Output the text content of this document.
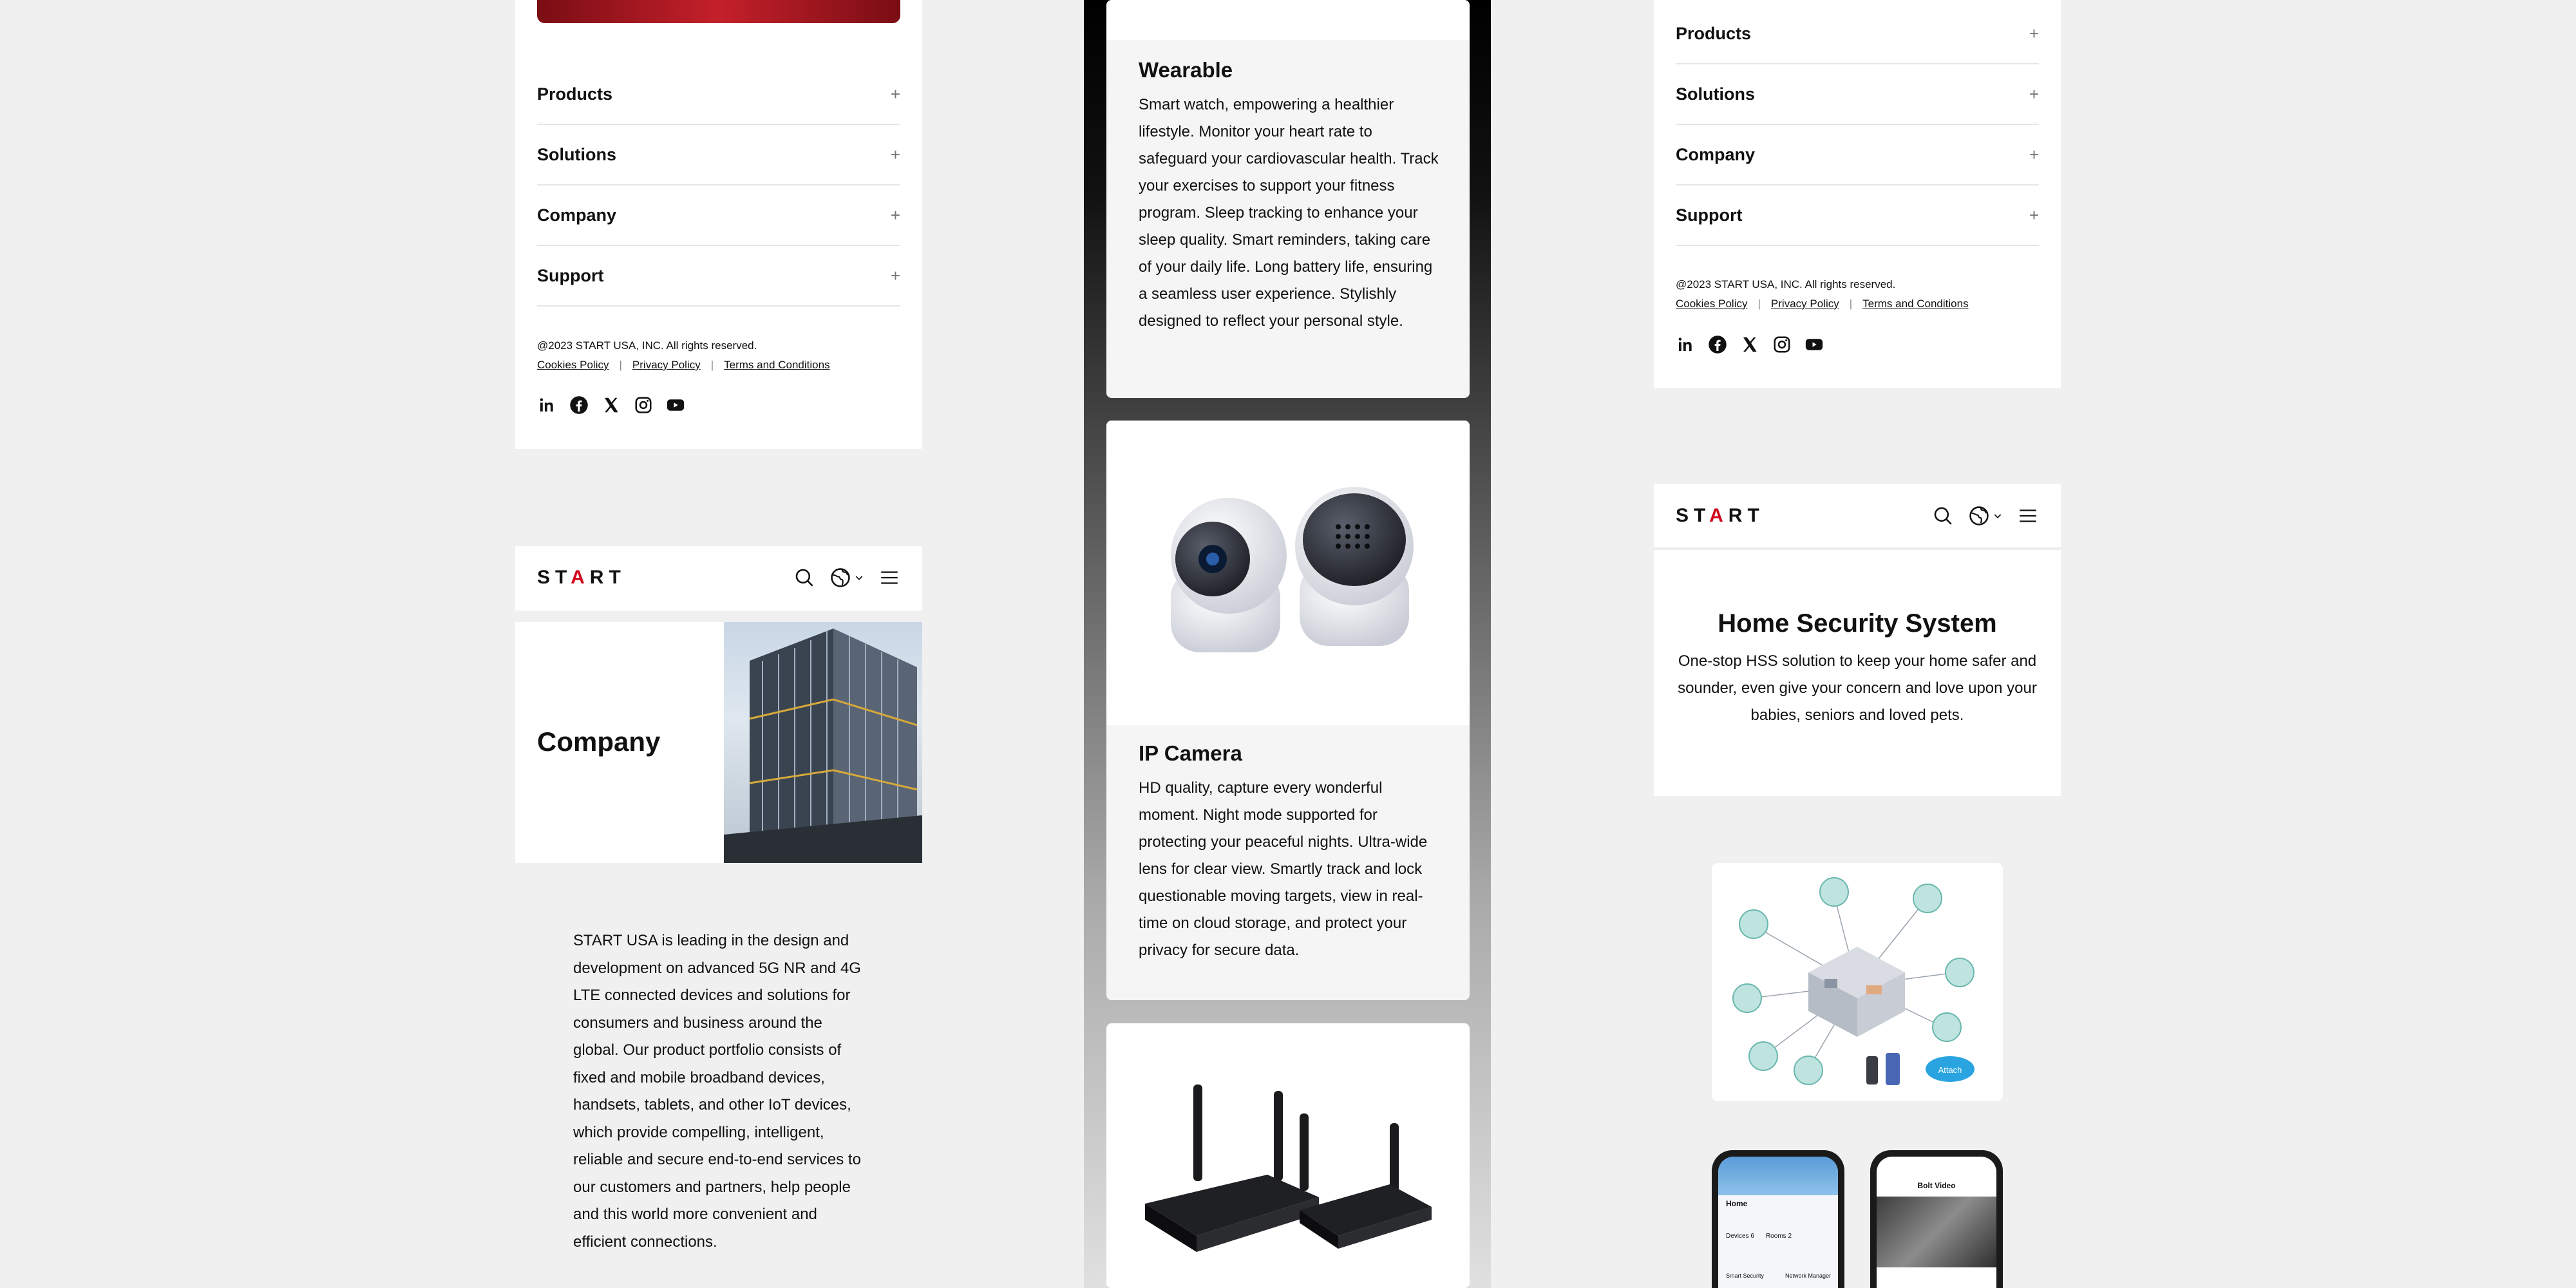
Products	+
Solutions	+
Company	+
Support	+
@2023 START USA, INC. All rights reserved.
Cookies Policy | Privacy Policy | Terms and Conditions
START
Company
START USA is leading in the design and development on advanced 5G NR and 4G LTE connected devices and solutions for consumers and business around the global. Our product portfolio consists of fixed and mobile broadband devices, handsets, tablets, and other IoT devices, which provide compelling, intelligent, reliable and secure end-to-end services to our customers and partners, help people and this world more convenient and efficient connections.
Wearable
Smart watch, empowering a healthier lifestyle. Monitor your heart rate to safeguard your cardiovascular health. Track your exercises to support your fitness program. Sleep tracking to enhance your sleep quality. Smart reminders, taking care of your daily life. Long battery life, ensuring a seamless user experience. Stylishly designed to reflect your personal style.
IP Camera
HD quality, capture every wonderful moment. Night mode supported for protecting your peaceful nights. Ultra-wide lens for clear view. Smartly track and lock questionable moving targets, view in real-time on cloud storage, and protect your privacy for secure data.
Products	+
Solutions	+
Company	+
Support	+
@2023 START USA, INC. All rights reserved.
Cookies Policy | Privacy Policy | Terms and Conditions
START
Home Security System
One-stop HSS solution to keep your home safer and sounder, even give your concern and love upon your babies, seniors and loved pets.
Attach
Home
Devices 6 Rooms 2
Smart Security	Network Manager
Bolt Video
